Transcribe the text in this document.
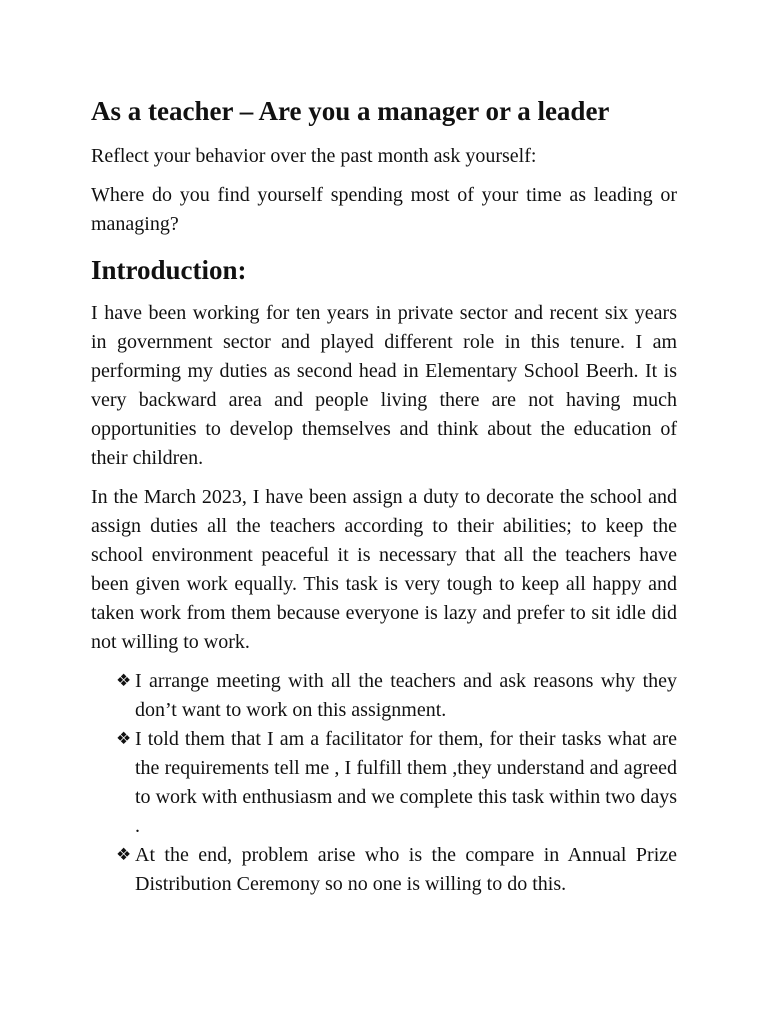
As a teacher – Are you a manager or a leader

Reflect your behavior over the past month ask yourself:

Where do you find yourself spending most of your time as leading or managing?

Introduction:

I have been working for ten years in private sector and recent six years in government sector and played different role in this tenure. I am performing my duties as second head in Elementary School Beerh. It is very backward area and people living there are not having much opportunities to develop themselves and think about the education of their children.

In the March 2023, I have been assign a duty to decorate the school and assign duties all the teachers according to their abilities; to keep the school environment peaceful it is necessary that all the teachers have been given work equally. This task is very tough to keep all happy and taken work from them because everyone is lazy and prefer to sit idle did not willing to work.

❖ I arrange meeting with all the teachers and ask reasons why they don’t want to work on this assignment.
❖ I told them that I am a facilitator for them, for their tasks what are the requirements tell me , I fulfill them ,they understand and agreed to work with enthusiasm and we complete this task within two days .
❖ At the end, problem arise who is the compare in Annual Prize Distribution Ceremony so no one is willing to do this.
